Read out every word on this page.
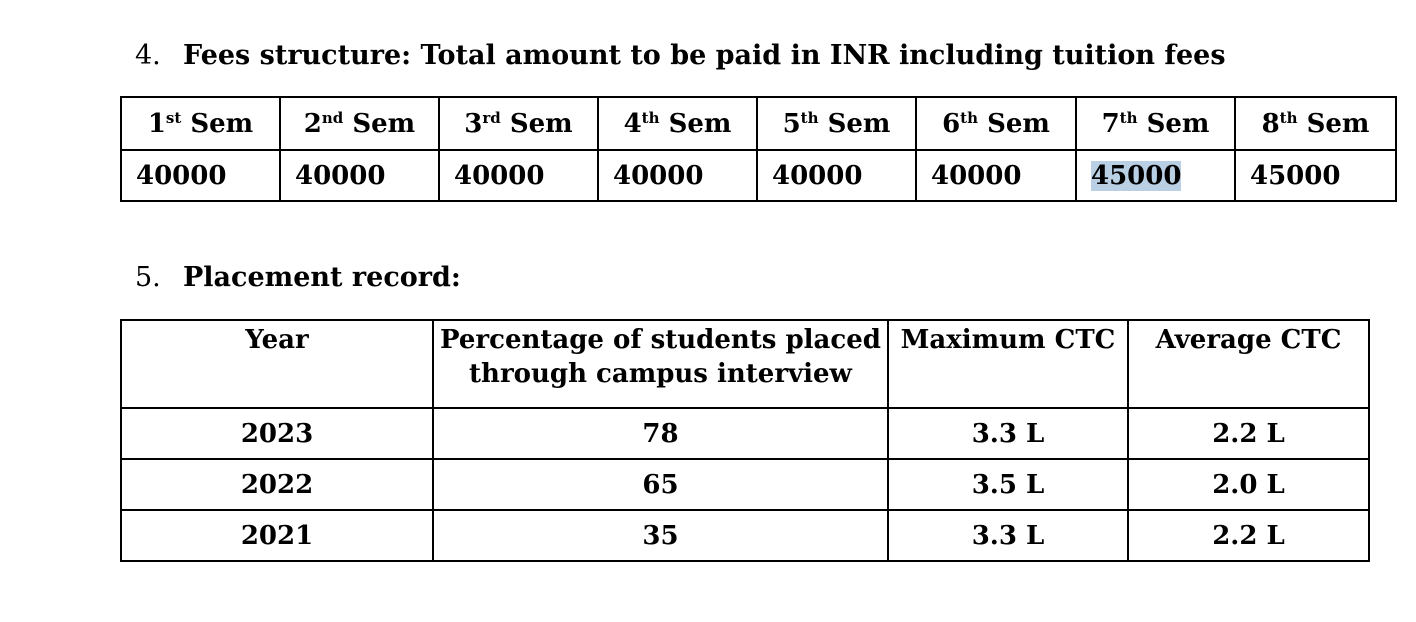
4. Fees structure: Total amount to be paid in INR including tuition fees
1st Sem	2nd Sem	3rd Sem	4th Sem	5th Sem	6th Sem	7th Sem	8th Sem
40000	40000	40000	40000	40000	40000	45000	45000
5. Placement record:
Year	Percentage of students placed through campus interview	Maximum CTC	Average CTC
2023	78	3.3 L	2.2 L
2022	65	3.5 L	2.0 L
2021	35	3.3 L	2.2 L
